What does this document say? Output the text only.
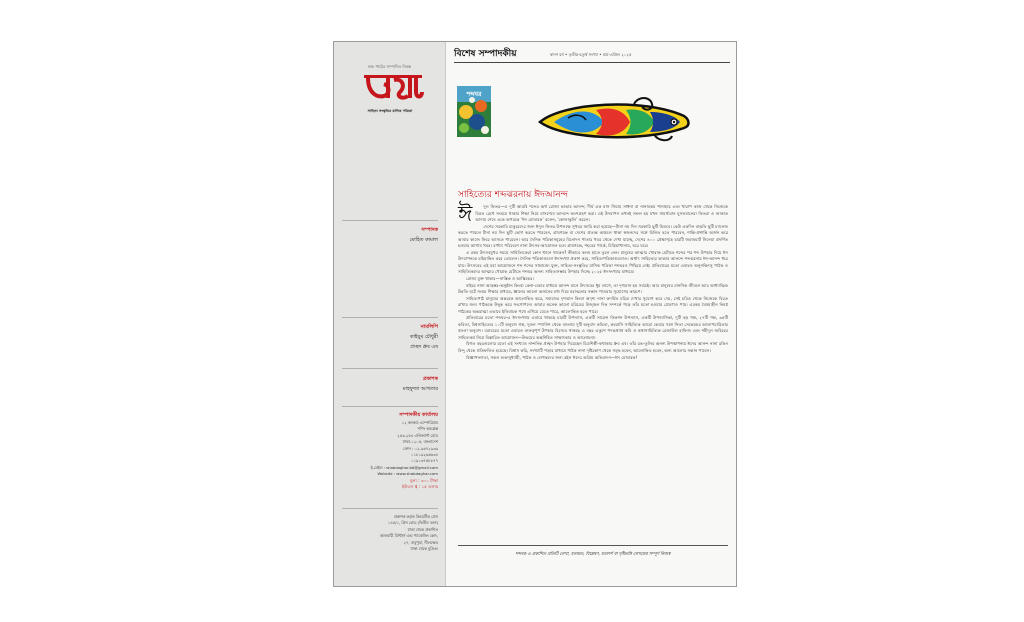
শুদ্ধ পাঠের সম্পাদিত নিবন্ধ
সাহিত্য সংস্কৃতির মাসিক পত্রিকা
সম্পাদক
মোহিত কামাল
নামলিপি
কাইয়ুম চৌধুরী
প্রচ্ছদ ধ্রুব এষ
প্রকাশক
মাহফুজা আখতার
সম্পাদকীয় কার্যালয়
১২ কনকর্ড এম্পোরিয়াম
শপিং কমপ্লেক্স
২৫৩-২৫৪ এলিফ্যান্ট রোড
ঢাকা-১২০৫, বাংলাদেশ
ফোন : ০২-৯৬৭২৯৩৯
০১৮১৯২৬৬৬৩৪
০১৯১৩৭৫৮৮৭৭
ই-মেইল : shabdaghar.bd@gmail.com
Website : www.shabdaghar.com
মূল্য : ৩০০ টাকা
ইউএস $ : ১৫ ডলার
প্রকাশক কর্তৃক ক্রিয়েটিভ প্রেস
১৪৫/১, গ্রিন রোড (দ্বিতীয় তলা)
ঢাকা থেকে প্রকাশিত
আলমারী প্রিন্টার্স এন্ড প্যাকেজিং কোং,
২৭, বাবুপুরা, নীলক্ষেত
ঢাকা থেকে মুদ্রিত।
বিশেষ সম্পাদকীয়	দ্বাদশ বর্ষ • তৃতীয়-চতুর্থ সংখ্যা • মার্চ-এপ্রিল ২০২৫
শব্দঘর
সাহিত্যের শব্দঝরনায় ঈদআনন্দ

ঈ	দুল ফিতর—এ দুটি আরবি শব্দের অর্থ রোজা ভাঙার আনন্দ; দীর্ঘ এক মাস সিয়াম সাধনা বা নানাবকম পানাহার এবং খারাপ কাজ থেকে নিজেকে বিরত রেখে সংযমে থাকার শিক্ষা নিয়ে মাসশেষে আনন্দে অংশগ্রহণ করা। এই উদযাপন তখনই সফল হয় যখন সামর্থ্যবান মুসলমানেরা ফিতরা ও জাকাত আদায় শেষে একে অপরকে ‘ঈদ মোবারক’ বলেন, ‘কোলাকুলি’ করেন।

দেশের সরকারি চাকুরেদের জন্য ঈদুল ফিতর উপলক্ষে সুখবর জারি করা হয়েছে—টানা নয় দিন সরকারি ছুটি মিলবে। কেউ একদিন বাড়তি ছুটি ম্যানেজ করতে পারলে টানা নয় দিন ছুটি ভোগ করতে পারবেন, গ্রামগঞ্জে বা দেশের প্রত্যন্ত অঞ্চলে থাকা স্বজনদের সঙ্গে মিলিত হতে পারবেন, শান্তি-প্রশান্তি অর্জন করে আবার কাজে ফিরে আসতে পারবেন। আর দৈনিক পত্রিকাসমূহের বিনোদন পাতার খবর থেকে দেখা যাচ্ছে, দেশের ৪০০ প্রেক্ষাগৃহে চারটি জমজমাট সিনেমা প্রদর্শিত হওয়ার আগাম খবর। বর্ণাঢ্য পরিবেশে নানা উৎসব-আয়োজন চলে গ্রামগঞ্জে, শহরের পার্কে, চিড়িয়াখানায়, ঘরে ঘরে।

এ রকম উৎসবমুখর সময়ে সাহিত্যিকেরা কোন ধ্যানে থাকেন? কীভাবে কলম হাতে তুলে নেন। মানুষের আত্মার খোরাক মেটাতে শব্দের পর শব্দ উপহার দিয়ে ঈদ উদযাপনকে মহিমান্বিত করে তোলেন। দৈনিক পত্রিকাগুলো ঈদসংখ্যা প্রকাশ করে, সাহিত্যপত্রিকাগুলোও। অর্থাৎ সাহিত্যের ভান্ডার আনন্দে শব্দঝরনায় ঈদ-আনন্দ ধরে যায়। উৎসবের এই মহা আয়োজনে শব্দ শব্দের সাম্রাজ্যে যুক্ত, সাহিত্য-সংস্কৃতির মাসিক পত্রিকা শব্দঘরও পিছিয়ে নেই। প্রতিবারের মতো এবারও অনুসন্ধিৎসু পাঠক ও সাহিত্যিকদের আত্মার খোরাক মেটাতে শব্দঘর অনন্য সাহিত্যসম্ভার উপহার দিচ্ছে ২০২৫ ঈদসংখ্যার মাধ্যমে।

রোজা মুক্ত থাকার—নাস্তিক ও আস্তিকের।

বাইরে নানা আড়ম্বর-অনুষ্ঠান কিংবা কেনা-বেচার মাধ্যমে আনন্দ মানে উৎসবের ধুম লাগে, তা দৃশ্যমান হয় সর্বত্রই। আর মানুষের মানসিক জীবনে আর আধ্যাত্মিক উন্নতি ঘটে সংযম শিক্ষার মাধ্যমে, জ্ঞানের আলো অর্জনের মধ্য দিয়ে মহাত্মতার সন্ধান পাওয়ার সুযোগের কারণে।

সাহিত্যপাঠ মানুষের অন্তরকে আলোকিত করে, সমাজের দৃশ্যমান কিংবা অদৃশ্য নানা কদর্যিত চরিত্র দেখার সুযোগ করে দেয়, সেই চরিত্র থেকে নিজেকে বিরত রাখার জন্য পাঠককে উদ্বুদ্ধ করে সংগোপনে। আবার অনেক ভালো চরিত্রের উজ্জ্বল দিক সম্পর্কে পড়ে তাঁর মতো হওয়ার প্রেরণাও পায়। এরকম বৈষম্যহীন নিমগ্ন পাঠকের অন্তরাত্মা এভাবে ইতিবাচক পথে এগিয়ে যেতে পারে, আলোকিত হতে পারে।

প্রতিবারের মতো শব্দঘর-এ ঈদসংখ্যায় এবারে থাকছে চারটি উপন্যাস, একটি সায়েন্স ফিকশন উপন্যাস, একটি উপন্যাসিকা, দুটি বড় গল্প, ২৭টি গল্প, ৩৫টি কবিতা, বিশ্বসাহিত্যের ১০টি অনুবাদ গল্প, দুজন স্প্যানিশ থেকে বাংলায় দুটি অনুবাদ কবিতা, কবরাসি সাহিত্যিক আমো কেয়ার সঙ্গে সিতা সেকেন্ডের আলাপচারিতার বাংলা অনুবাদ। বরাবরের মতো এবারও গুরুত্বপূর্ণ উপহার হিসেবে থাকছে এ বছর একুশে পদকপ্রাপ্ত কবি ও কথাসাহিত্যিক রেজাউল হাফিজ এবং শহীদুল জহিরের সাহিত্যকর্ম নিয়ে বিস্তারিত আয়োজন—উভয়ের অন্তর্নিহিত সাক্ষাৎকার ও আলোচনা।

বিগত বছরগুলোর মতো এই সংখ্যাও নান্দনিক প্রচ্ছদ উপহার দিয়েছেন চিত্রশিল্পী-কথাকার ধ্রুব এষ। তাঁর রঙ-তুলির অনন্য উপস্থাপনায় ঈদের আনন্দ নানা রঙিন বিন্দু থেকে প্রতিফলিত হয়েছে। বিশ্বাস করি, সংখ্যাটি পড়ার মাধ্যমে পাঠক নানা দৃষ্টিকোণ থেকে সমৃদ্ধ হবেন, আলোকিত হবেন, অন্য আলোর সন্ধান পাবেন।

বিজ্ঞাপনদাতা, সকল শুভানুধ্যায়ী, পাঠক ও লেখকদের জন্য রইল ঈদের অগ্রিম অভিবাদন—ঈদ মোবারক!

শব্দঘর-এ প্রকাশিত প্রতিটি লেখা, মতামত, বিশ্লেষণ, মতাদর্শ বা দৃষ্টিভঙ্গি লেখকের সম্পূর্ণ নিজস্ব
